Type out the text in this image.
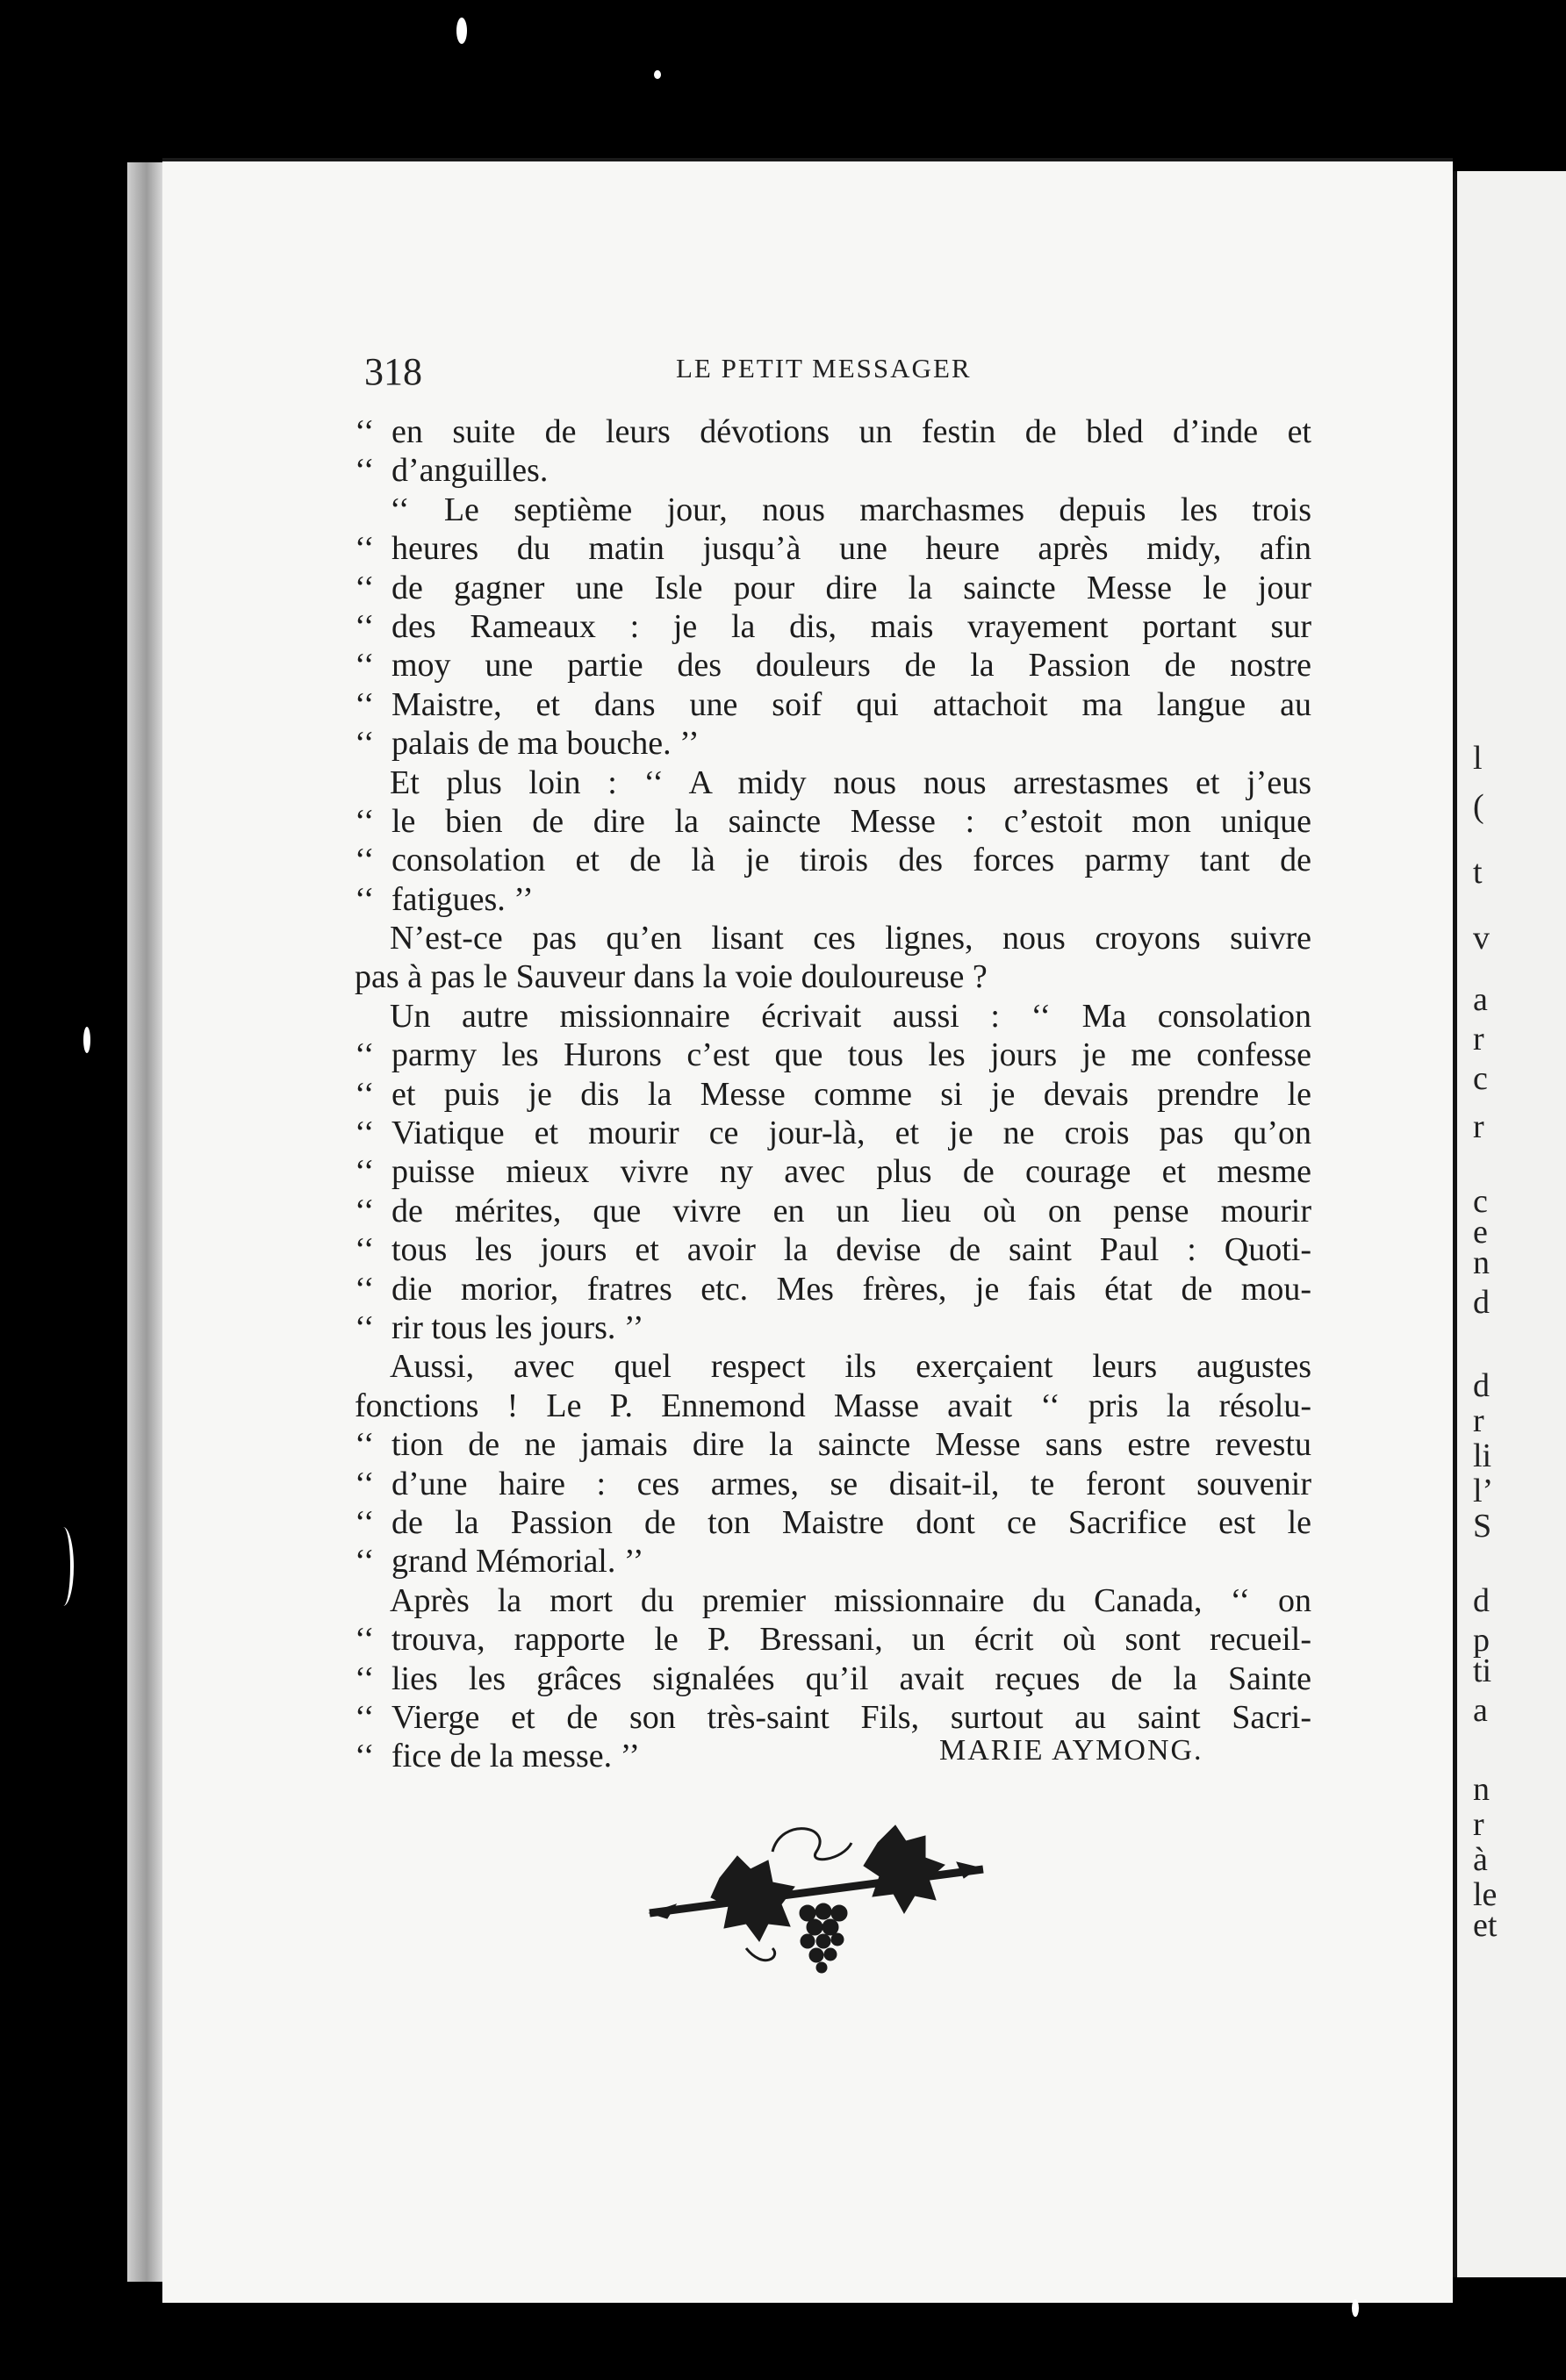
l
(
t
v
a
r
c
r
c
e
n
d
d
r
li
l’
S
d
p
ti
a
n
r
à
le
et
318	LE PETIT MESSAGER
‘‘ en suite de leurs dévotions un festin de bled d’inde et
‘‘ d’anguilles.
‘‘ Le septième jour, nous marchasmes depuis les trois
‘‘ heures du matin jusqu’à une heure après midy, afin
‘‘ de gagner une Isle pour dire la saincte Messe le jour
‘‘ des Rameaux : je la dis, mais vrayement portant sur
‘‘ moy une partie des douleurs de la Passion de nostre
‘‘ Maistre, et dans une soif qui attachoit ma langue au
‘‘ palais de ma bouche. ’’
Et plus loin : ‘‘ A midy nous nous arrestasmes et j’eus
‘‘ le bien de dire la saincte Messe : c’estoit mon unique
‘‘ consolation et de là je tirois des forces parmy tant de
‘‘ fatigues. ’’
N’est-ce pas qu’en lisant ces lignes, nous croyons suivre
pas à pas le Sauveur dans la voie douloureuse ?
Un autre missionnaire écrivait aussi : ‘‘ Ma consolation
‘‘ parmy les Hurons c’est que tous les jours je me confesse
‘‘ et puis je dis la Messe comme si je devais prendre le
‘‘ Viatique et mourir ce jour-là, et je ne crois pas qu’on
‘‘ puisse mieux vivre ny avec plus de courage et mesme
‘‘ de mérites, que vivre en un lieu où on pense mourir
‘‘ tous les jours et avoir la devise de saint Paul : Quoti-
‘‘ die morior, fratres etc. Mes frères, je fais état de mou-
‘‘ rir tous les jours. ’’
Aussi, avec quel respect ils exerçaient leurs augustes
fonctions ! Le P. Ennemond Masse avait ‘‘ pris la résolu-
‘‘ tion de ne jamais dire la saincte Messe sans estre revestu
‘‘ d’une haire : ces armes, se disait-il, te feront souvenir
‘‘ de la Passion de ton Maistre dont ce Sacrifice est le
‘‘ grand Mémorial. ’’
Après la mort du premier missionnaire du Canada, ‘‘ on
‘‘ trouva, rapporte le P. Bressani, un écrit où sont recueil-
‘‘ lies les grâces signalées qu’il avait reçues de la Sainte
‘‘ Vierge et de son très-saint Fils, surtout au saint Sacri-
‘‘ fice de la messe. ’’	MARIE AYMONG.
